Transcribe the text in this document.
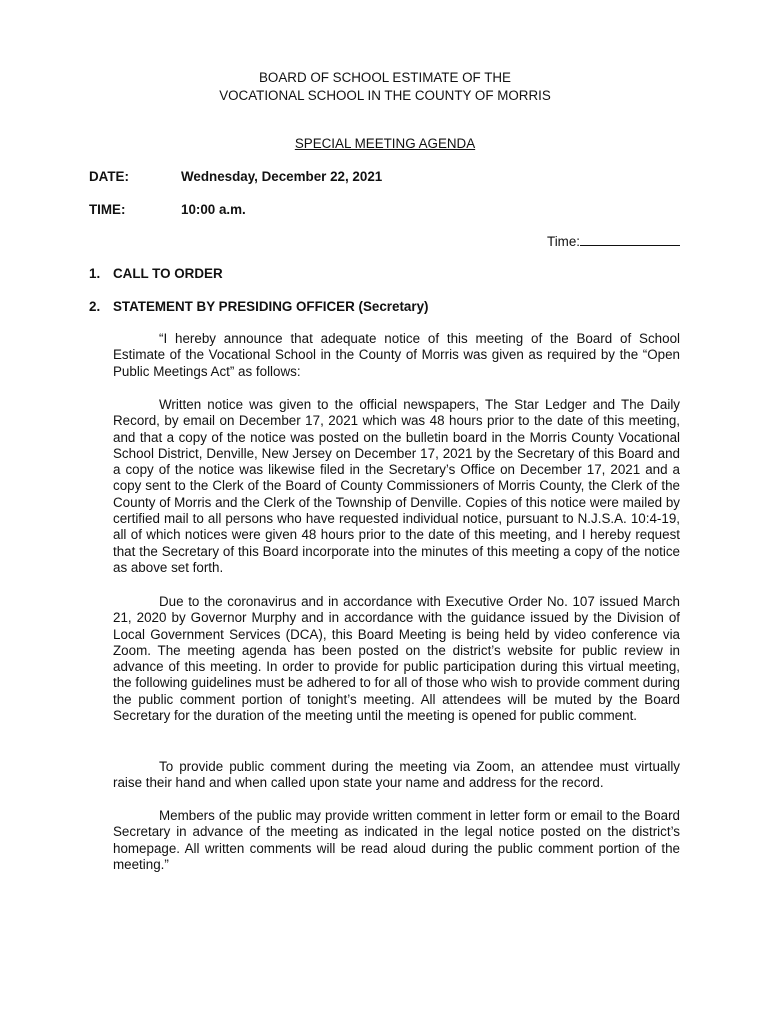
BOARD OF SCHOOL ESTIMATE OF THE
VOCATIONAL SCHOOL IN THE COUNTY OF MORRIS
SPECIAL MEETING AGENDA
DATE:	Wednesday, December 22, 2021
TIME:	10:00 a.m.
Time:
1. CALL TO ORDER
2. STATEMENT BY PRESIDING OFFICER (Secretary)

“I hereby announce that adequate notice of this meeting of the Board of School Estimate of the Vocational School in the County of Morris was given as required by the “Open Public Meetings Act” as follows:

Written notice was given to the official newspapers, The Star Ledger and The Daily Record, by email on December 17, 2021 which was 48 hours prior to the date of this meeting, and that a copy of the notice was posted on the bulletin board in the Morris County Vocational School District, Denville, New Jersey on December 17, 2021 by the Secretary of this Board and a copy of the notice was likewise filed in the Secretary’s Office on December 17, 2021 and a copy sent to the Clerk of the Board of County Commissioners of Morris County, the Clerk of the County of Morris and the Clerk of the Township of Denville. Copies of this notice were mailed by certified mail to all persons who have requested individual notice, pursuant to N.J.S.A. 10:4-19, all of which notices were given 48 hours prior to the date of this meeting, and I hereby request that the Secretary of this Board incorporate into the minutes of this meeting a copy of the notice as above set forth.

Due to the coronavirus and in accordance with Executive Order No. 107 issued March 21, 2020 by Governor Murphy and in accordance with the guidance issued by the Division of Local Government Services (DCA), this Board Meeting is being held by video conference via Zoom. The meeting agenda has been posted on the district’s website for public review in advance of this meeting. In order to provide for public participation during this virtual meeting, the following guidelines must be adhered to for all of those who wish to provide comment during the public comment portion of tonight’s meeting. All attendees will be muted by the Board Secretary for the duration of the meeting until the meeting is opened for public comment.

To provide public comment during the meeting via Zoom, an attendee must virtually raise their hand and when called upon state your name and address for the record.

Members of the public may provide written comment in letter form or email to the Board Secretary in advance of the meeting as indicated in the legal notice posted on the district’s homepage. All written comments will be read aloud during the public comment portion of the meeting.”
